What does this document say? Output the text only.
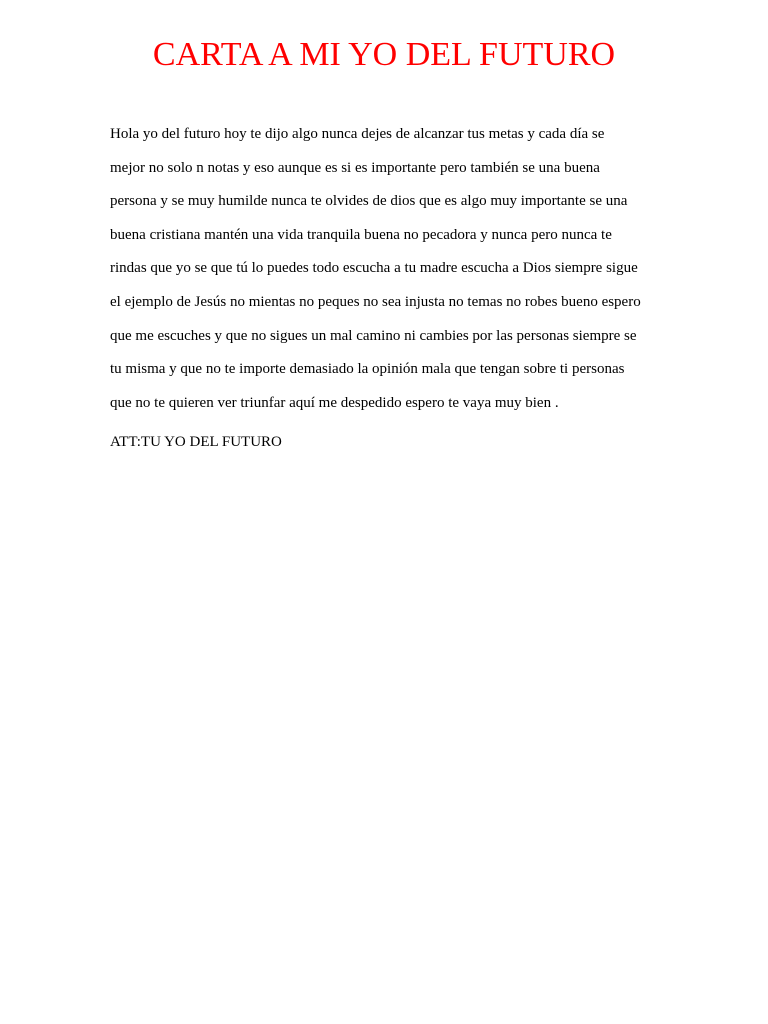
CARTA A MI YO DEL FUTURO
Hola yo del futuro hoy te dijo algo nunca dejes de alcanzar tus metas y cada día se
mejor no solo n notas y eso aunque es si es importante pero también se una buena
persona y se muy humilde nunca te olvides de dios que es algo muy importante se una
buena cristiana mantén una vida tranquila buena no pecadora y nunca pero nunca te
rindas que yo se que tú lo puedes todo escucha a tu madre escucha a Dios siempre sigue
el ejemplo de Jesús no mientas no peques no sea injusta no temas no robes bueno espero
que me escuches y que no sigues un mal camino ni cambies por las personas siempre se
tu misma y que no te importe demasiado la opinión mala que tengan sobre ti personas
que no te quieren ver triunfar aquí me despedido espero te vaya muy bien .
ATT:TU YO DEL FUTURO
